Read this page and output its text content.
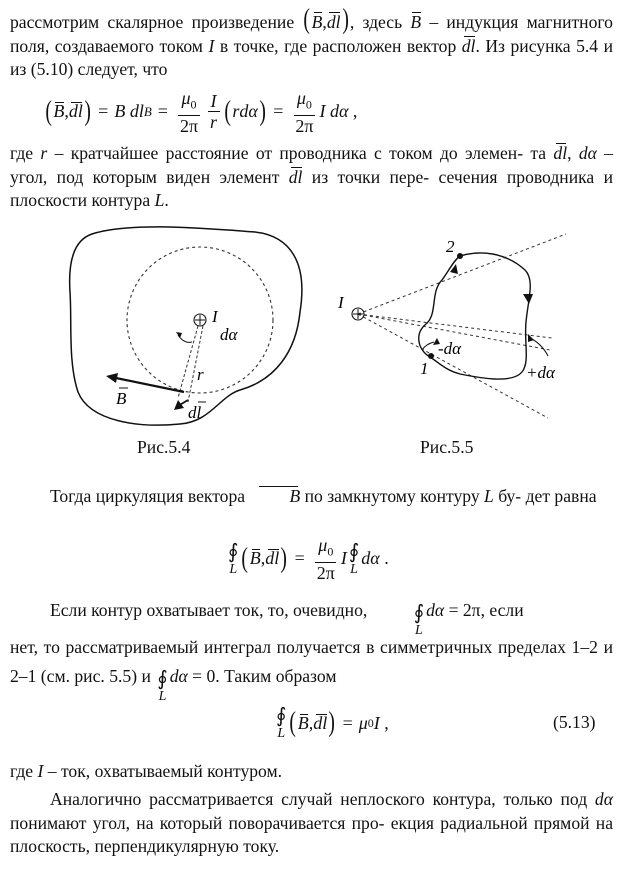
рассмотрим скалярное произведение (B,dl), здесь B – индукция магнитного поля, создаваемого током I в точке, где расположен вектор dl. Из рисунка 5.4 и из (5.10) следует, что

( B , dl ) = B
dl $B = \frac{\mu_0}{2\pi} \frac{I}{r}$ ( r dα ) = $\frac{\mu_0}{2\pi}$ I
dα ,

где r – кратчайшее расстояние от проводника с током до элемен- та dl, dα – угол, под которым виден элемент dl из точки пере- сечения проводника и плоскости контура L.

I
dα
r
B
dl
Рис.5.4
I
2
1
-dα
+dα
Рис.5.5

Тогда циркуляция вектора	B по замкнутому контуру L бу- дет равна

∮
L ( B , dl ) = $\frac{\mu_0}{2\pi}$ I ∮
L
dα .
Если контур охватывает ток, то, очевидно,	∮
L
dα = 2π, если

нет, то рассматриваемый интеграл получается в симметричных пределах 1–2 и 2–1 (см. рис. 5.5) и ∮
L
dα = 0. Таким образом

∮
L ( B , dl ) = μ 0 I ,	(5.13)

где I – ток, охватываемый контуром.

Аналогично рассматривается случай неплоского контура, только под dα понимают угол, на который поворачивается про- екция радиальной прямой на плоскость, перпендикулярную току.
